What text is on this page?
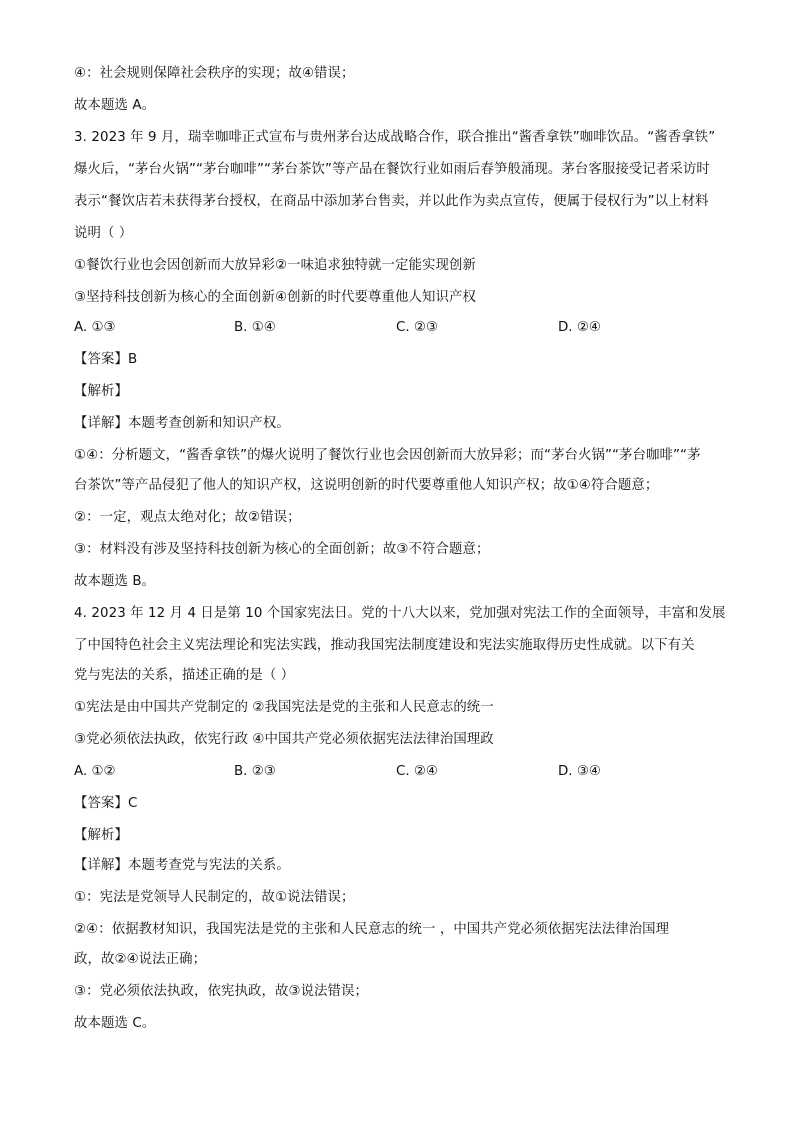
④：社会规则保障社会秩序的实现；故④错误；
故本题选 A。
3. 2023 年 9 月，瑞幸咖啡正式宣布与贵州茅台达成战略合作，联合推出“酱香拿铁”咖啡饮品。“酱香拿铁”
爆火后，“茅台火锅”“茅台咖啡”“茅台茶饮”等产品在餐饮行业如雨后春笋般涌现。茅台客服接受记者采访时
表示“餐饮店若未获得茅台授权，在商品中添加茅台售卖，并以此作为卖点宣传，便属于侵权行为”以上材料
说明（ ）
①餐饮行业也会因创新而大放异彩②一味追求独特就一定能实现创新
③坚持科技创新为核心的全面创新④创新的时代要尊重他人知识产权
A. ①③	B. ①④	C. ②③	D. ②④
【答案】B
【解析】
【详解】本题考查创新和知识产权。
①④：分析题文，“酱香拿铁”的爆火说明了餐饮行业也会因创新而大放异彩；而“茅台火锅”“茅台咖啡”“茅
台茶饮”等产品侵犯了他人的知识产权，这说明创新的时代要尊重他人知识产权；故①④符合题意；
②：一定，观点太绝对化；故②错误；
③：材料没有涉及坚持科技创新为核心的全面创新；故③不符合题意；
故本题选 B。
4. 2023 年 12 月 4 日是第 10 个国家宪法日。党的十八大以来，党加强对宪法工作的全面领导，丰富和发展
了中国特色社会主义宪法理论和宪法实践，推动我国宪法制度建设和宪法实施取得历史性成就。以下有关
党与宪法的关系，描述正确的是（ ）
①宪法是由中国共产党制定的 ②我国宪法是党的主张和人民意志的统一
③党必须依法执政，依宪行政 ④中国共产党必须依据宪法法律治国理政
A. ①②	B. ②③	C. ②④	D. ③④
【答案】C
【解析】
【详解】本题考查党与宪法的关系。
①：宪法是党领导人民制定的，故①说法错误；
②④：依据教材知识，我国宪法是党的主张和人民意志的统一 ，中国共产党必须依据宪法法律治国理
政，故②④说法正确；
③：党必须依法执政，依宪执政，故③说法错误；
故本题选 C。
